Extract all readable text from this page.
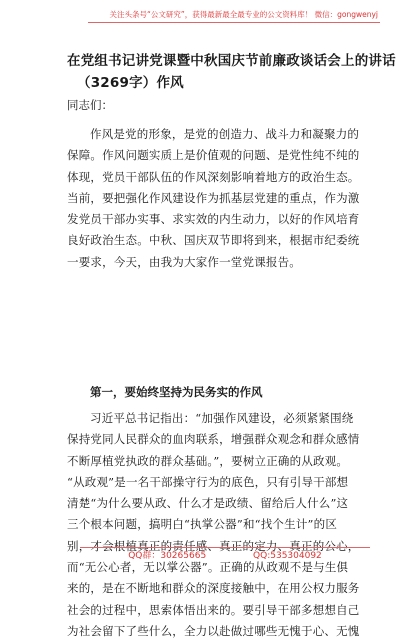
关注头条号“公文研究”，获得最新最全最专业的公文资料库！ 微信：gongwenyj
在党组书记讲党课暨中秋国庆节前廉政谈话会上的讲话
（3269字）作风
同志们：
作风是党的形象，是党的创造力、战斗力和凝聚力的
保障。作风问题实质上是价值观的问题、是党性纯不纯的
体现，党员干部队伍的作风深刻影响着地方的政治生态。
当前，要把强化作风建设作为抓基层党建的重点，作为激
发党员干部办实事、求实效的内生动力，以好的作风培育
良好政治生态。中秋、国庆双节即将到来，根据市纪委统
一要求，今天，由我为大家作一堂党课报告。
第一，要始终坚持为民务实的作风
习近平总书记指出：“加强作风建设，必须紧紧围绕
保持党同人民群众的血肉联系，增强群众观念和群众感情
不断厚植党执政的群众基础。”，要树立正确的从政观。
“从政观”是一名干部操守行为的底色，只有引导干部想
清楚“为什么要从政、什么才是政绩、留给后人什么”这
三个根本问题，搞明白“执掌公器”和“找个生计”的区
别，才会根植真正的责任感、真正的定力、真正的公心，
而“无公心者，无以掌公器”。正确的从政观不是与生俱
来的，是在不断地和群众的深度接触中，在用公权力服务
社会的过程中，思索体悟出来的。要引导干部多想想自己
为社会留下了些什么，全力以赴做过哪些无愧于心、无愧
QQ群：30265665	QQ:535304092
